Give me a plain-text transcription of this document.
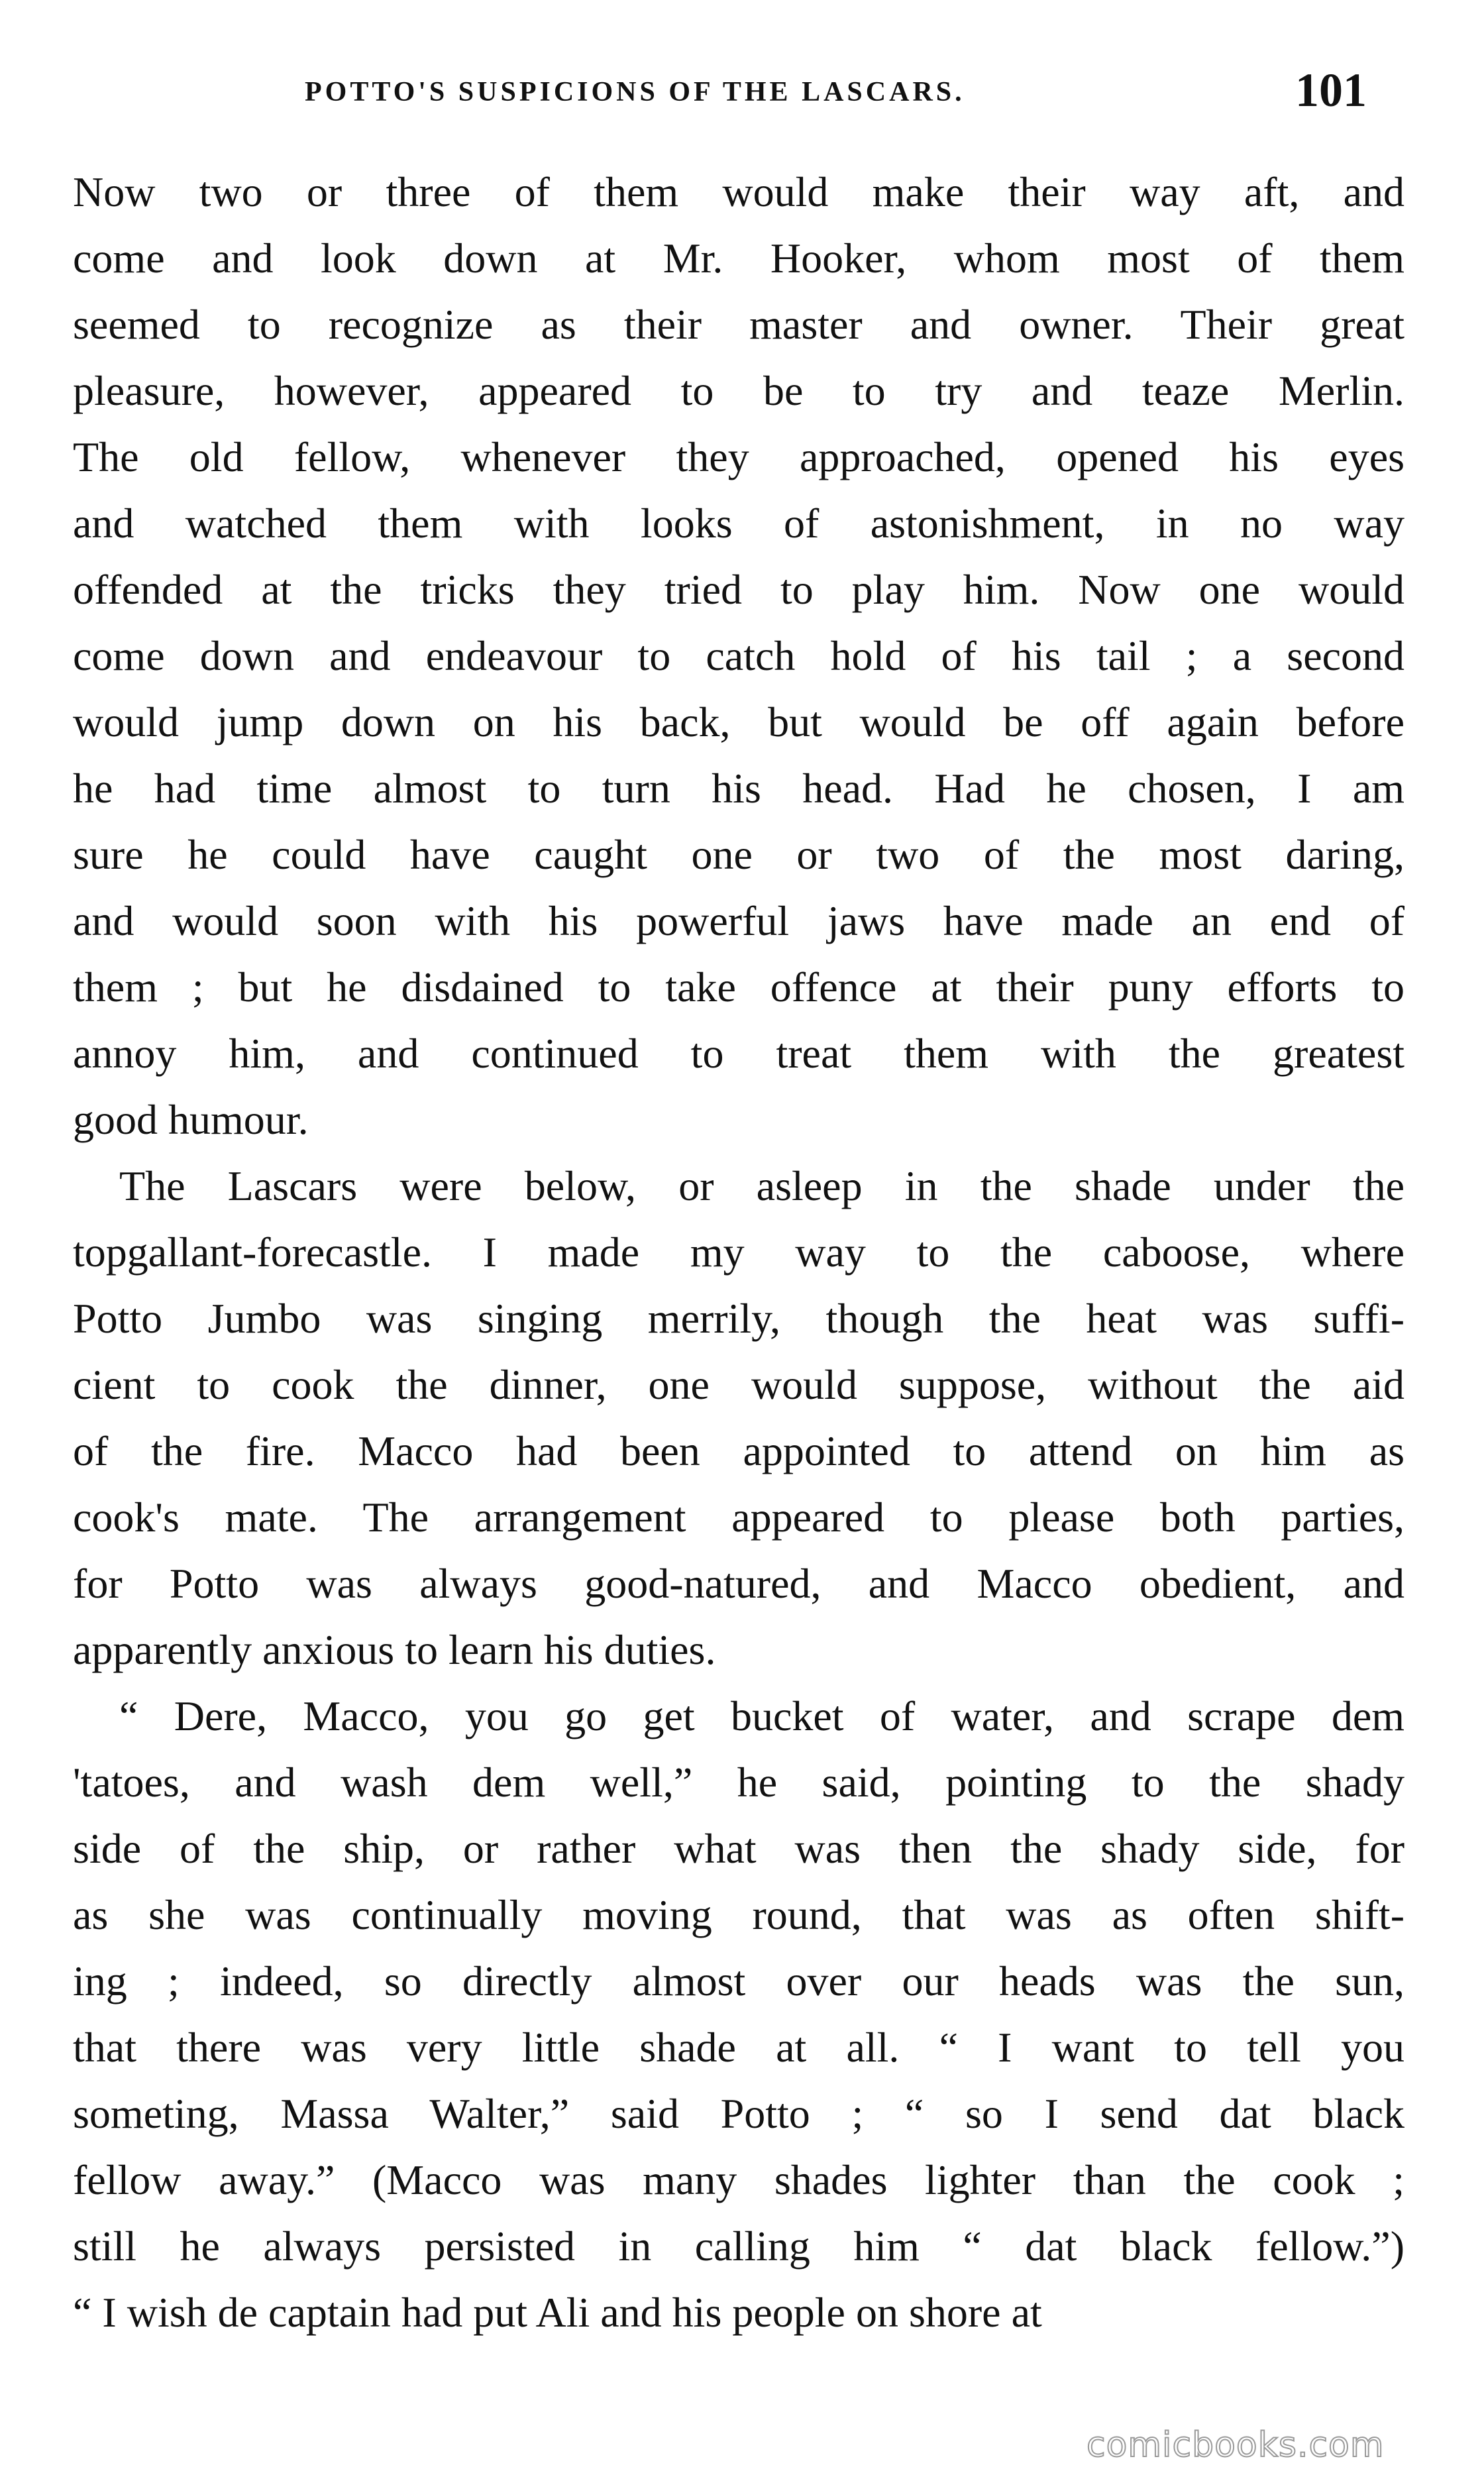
POTTO'S SUSPICIONS OF THE LASCARS.	101
Now two or three of them would make their way aft, and
come and look down at Mr. Hooker, whom most of them
seemed to recognize as their master and owner. Their great
pleasure, however, appeared to be to try and teaze Merlin.
The old fellow, whenever they approached, opened his eyes
and watched them with looks of astonishment, in no way
offended at the tricks they tried to play him. Now one would
come down and endeavour to catch hold of his tail ; a second
would jump down on his back, but would be off again before
he had time almost to turn his head. Had he chosen, I am
sure he could have caught one or two of the most daring,
and would soon with his powerful jaws have made an end of
them ; but he disdained to take offence at their puny efforts to
annoy him, and continued to treat them with the greatest
good humour.
The Lascars were below, or asleep in the shade under the
topgallant-forecastle. I made my way to the caboose, where
Potto Jumbo was singing merrily, though the heat was suffi-
cient to cook the dinner, one would suppose, without the aid
of the fire. Macco had been appointed to attend on him as
cook's mate. The arrangement appeared to please both parties,
for Potto was always good-natured, and Macco obedient, and
apparently anxious to learn his duties.
“ Dere, Macco, you go get bucket of water, and scrape dem
'tatoes, and wash dem well,” he said, pointing to the shady
side of the ship, or rather what was then the shady side, for
as she was continually moving round, that was as often shift-
ing ; indeed, so directly almost over our heads was the sun,
that there was very little shade at all. “ I want to tell you
someting, Massa Walter,” said Potto ; “ so I send dat black
fellow away.” (Macco was many shades lighter than the cook ;
still he always persisted in calling him “ dat black fellow.”)
“ I wish de captain had put Ali and his people on shore at
comicbooks.com
